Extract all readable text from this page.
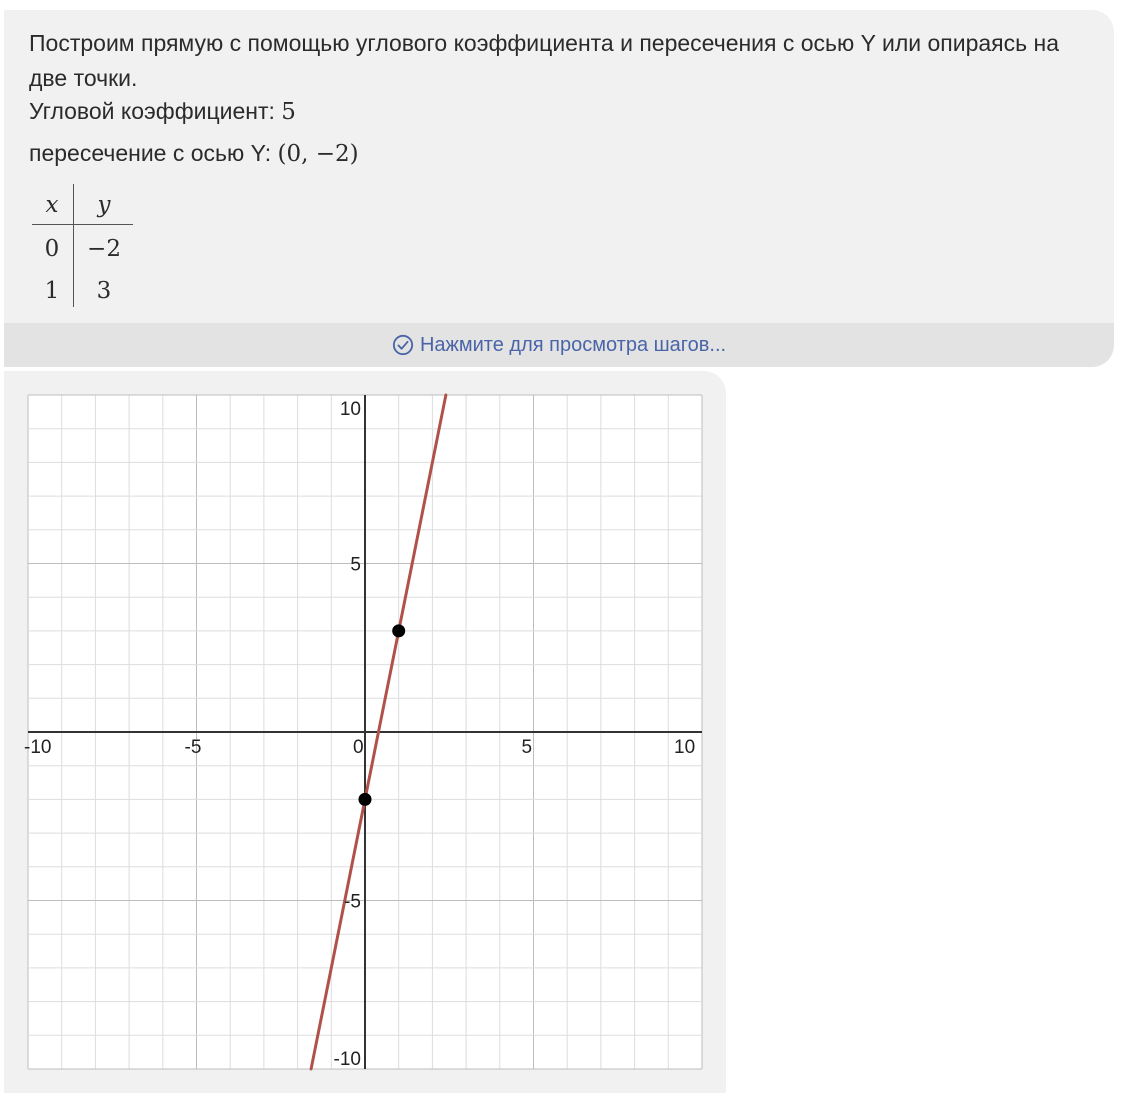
Построим прямую с помощью углового коэффициента и пересечения с осью Y или опираясь на две точки.

Угловой коэффициент: 5

пересечение с осью Y: (0, −2)

x	y
0	−2
1	3
Нажмите для просмотра шагов...
-10	-5	0	5	10
-10
-5
5
10
